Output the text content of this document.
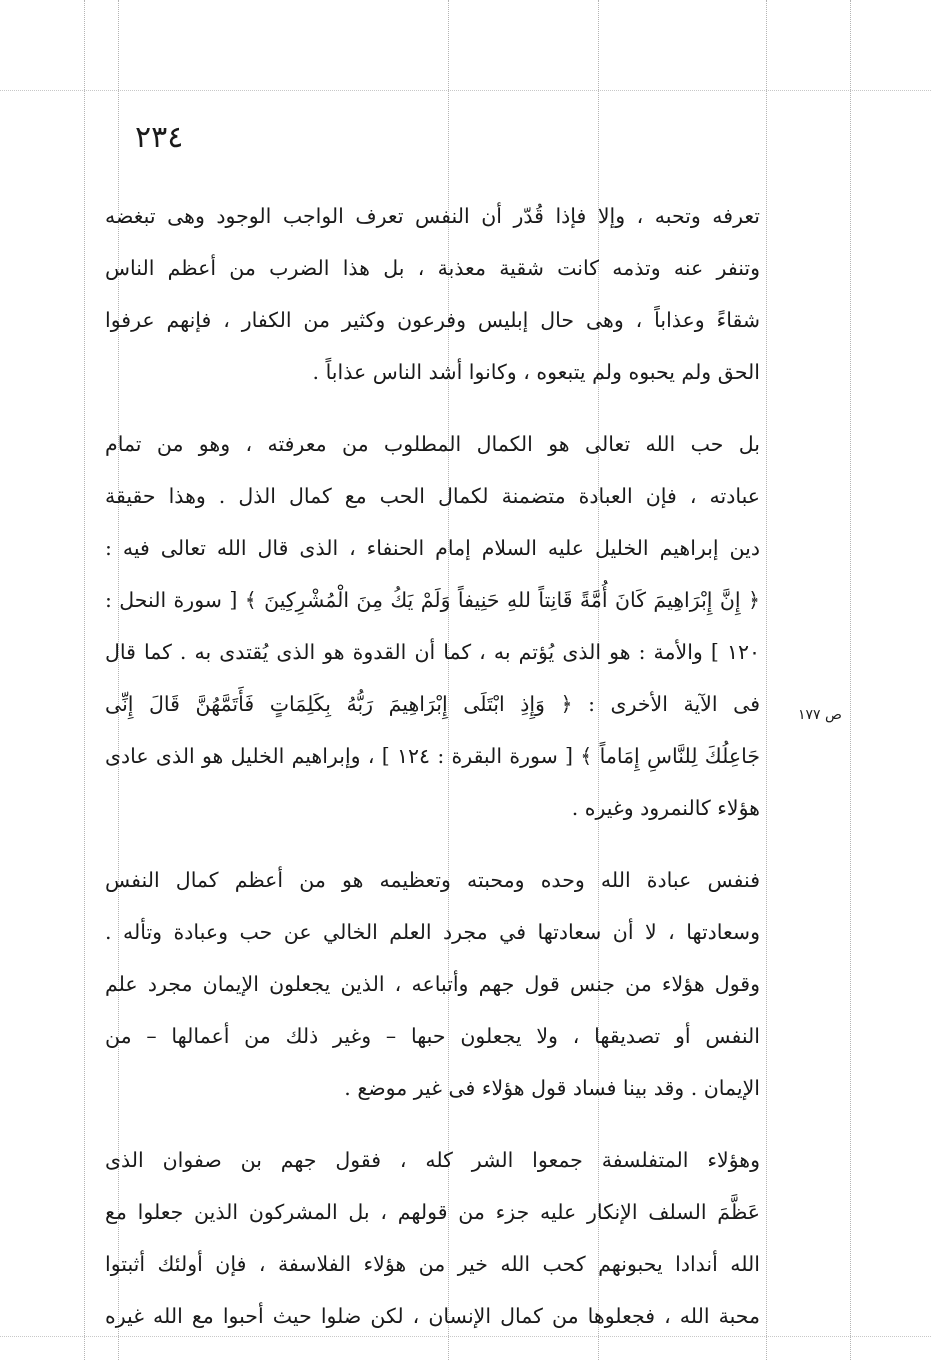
٢٣٤
ص ١٧٧
تعرفه وتحبه ، وإلا فإذا قُدّر أن النفس تعرف الواجب الوجود وهى تبغضه
وتنفر عنه وتذمه كانت شقية معذبة ، بل هذا الضرب من أعظم الناس
شقاءً وعذاباً ، وهى حال إبليس وفرعون وكثير من الكفار ، فإنهم عرفوا
الحق ولم يحبوه ولم يتبعوه ، وكانوا أشد الناس عذاباً .
بل حب الله تعالى هو الكمال المطلوب من معرفته ، وهو من تمام
عبادته ، فإن العبادة متضمنة لكمال الحب مع كمال الذل . وهذا حقيقة
دين إبراهيم الخليل عليه السلام إمام الحنفاء ، الذى قال الله تعالى فيه :
﴿ إِنَّ إِبْرَاهِيمَ كَانَ أُمَّةً قَانِتاً للهِ حَنِيفاً وَلَمْ يَكُ مِنَ الْمُشْرِكِينَ ﴾ [ سورة النحل :
١٢٠ ] والأمة : هو الذى يُؤتم به ، كما أن القدوة هو الذى يُقتدى به . كما قال
فى الآية الأخرى : ﴿ وَإِذِ ابْتَلَى إِبْرَاهِيمَ رَبُّهُ بِكَلِمَاتٍ فَأَتَمَّهُنَّ قَالَ إِنِّى
جَاعِلُكَ لِلنَّاسِ إِمَاماً ﴾ [ سورة البقرة : ١٢٤ ] ، وإبراهيم الخليل هو الذى عادى
هؤلاء كالنمرود وغيره .
فنفس عبادة الله وحده ومحبته وتعظيمه هو من أعظم كمال النفس
وسعادتها ، لا أن سعادتها في مجرد العلم الخالي عن حب وعبادة وتأله .
وقول هؤلاء من جنس قول جهم وأتباعه ، الذين يجعلون الإيمان مجرد علم
النفس أو تصديقها ، ولا يجعلون حبها – وغير ذلك من أعمالها – من
الإيمان . وقد بينا فساد قول هؤلاء فى غير موضع .
وهؤلاء المتفلسفة جمعوا الشر كله ، فقول جهم بن صفوان الذى
عَظَّمَ السلف الإنكار عليه جزء من قولهم ، بل المشركون الذين جعلوا مع
الله أندادا يحبونهم كحب الله خير من هؤلاء الفلاسفة ، فإن أولئك أثبتوا
محبة الله ، فجعلوها من كمال الإنسان ، لكن ضلوا حيث أحبوا مع الله غيره
